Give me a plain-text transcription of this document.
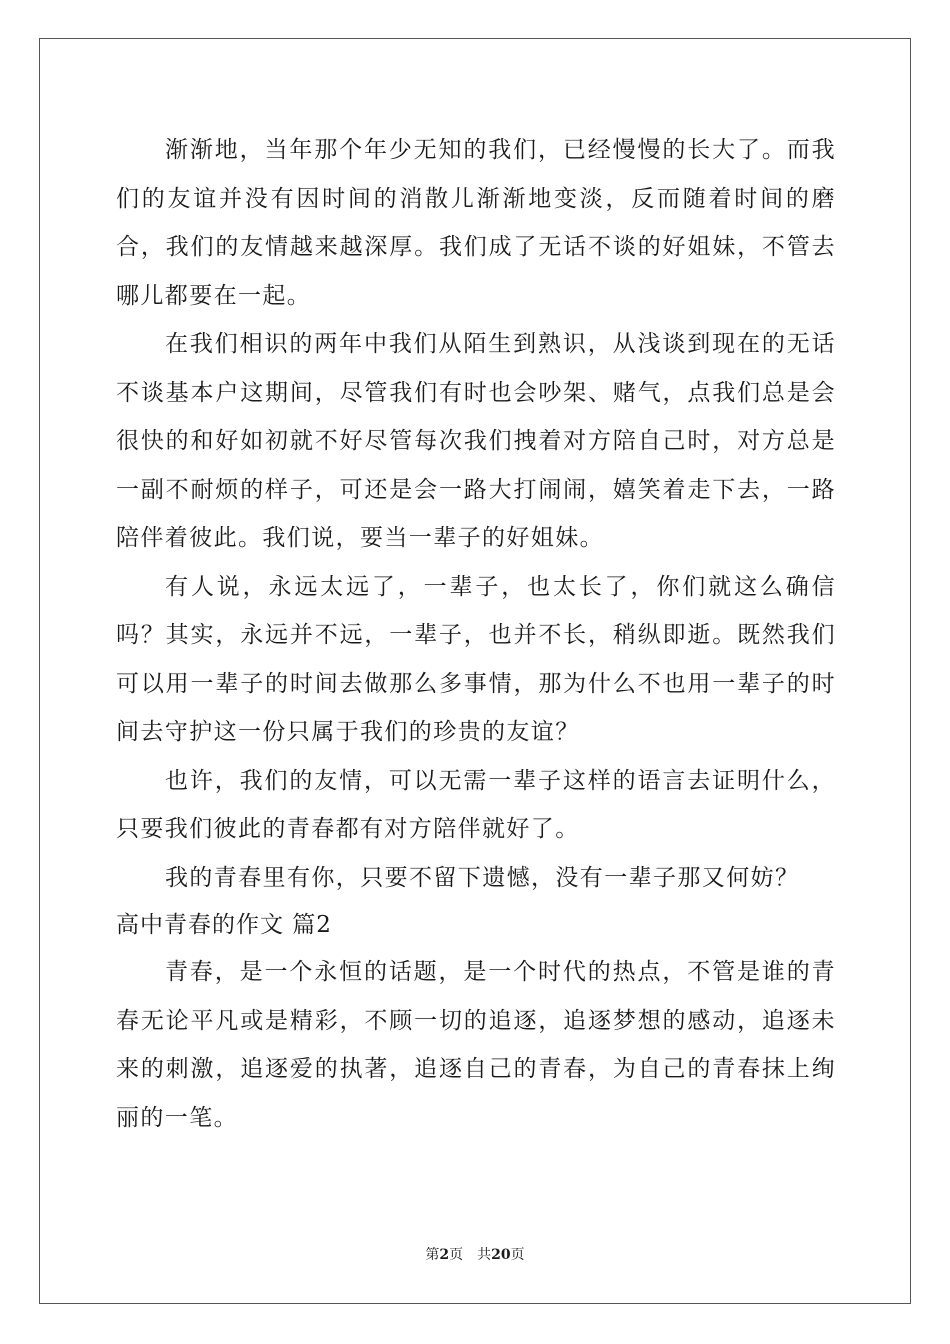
渐渐地，当年那个年少无知的我们，已经慢慢的长大了。而我们的友谊并没有因时间的消散儿渐渐地变淡，反而随着时间的磨合，我们的友情越来越深厚。我们成了无话不谈的好姐妹，不管去哪儿都要在一起。

在我们相识的两年中我们从陌生到熟识，从浅谈到现在的无话不谈基本户这期间，尽管我们有时也会吵架、赌气，点我们总是会很快的和好如初就不好尽管每次我们拽着对方陪自己时，对方总是一副不耐烦的样子，可还是会一路大打闹闹，嬉笑着走下去，一路陪伴着彼此。我们说，要当一辈子的好姐妹。

有人说，永远太远了，一辈子，也太长了，你们就这么确信吗？其实，永远并不远，一辈子，也并不长，稍纵即逝。既然我们可以用一辈子的时间去做那么多事情，那为什么不也用一辈子的时间去守护这一份只属于我们的珍贵的友谊？

也许，我们的友情，可以无需一辈子这样的语言去证明什么，只要我们彼此的青春都有对方陪伴就好了。

我的青春里有你，只要不留下遗憾，没有一辈子那又何妨？

高中青春的作文 篇2

青春，是一个永恒的话题，是一个时代的热点，不管是谁的青春无论平凡或是精彩，不顾一切的追逐，追逐梦想的感动，追逐未来的刺激，追逐爱的执著，追逐自己的青春，为自己的青春抹上绚丽的一笔。

第2页　共20页
